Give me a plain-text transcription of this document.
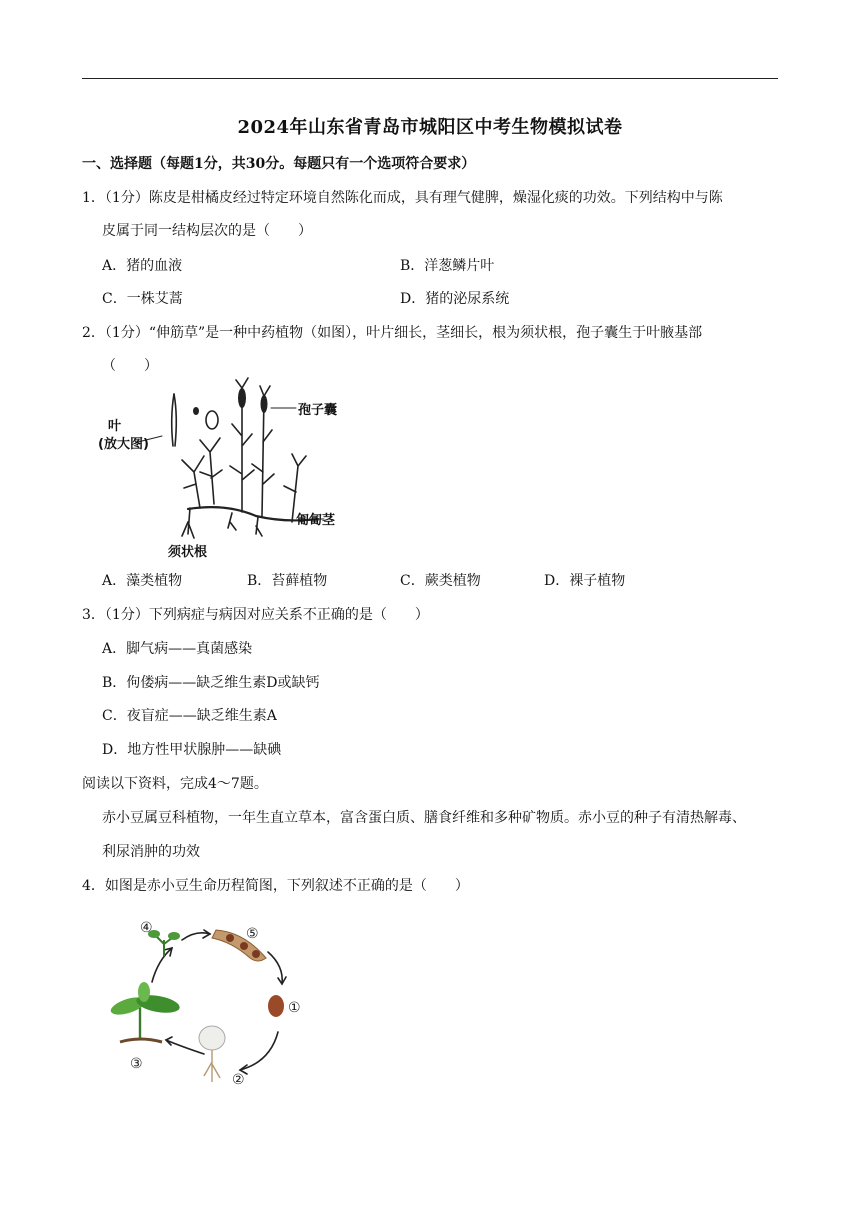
2024年山东省青岛市城阳区中考生物模拟试卷
一、选择题（每题1分，共30分。每题只有一个选项符合要求）
1．（1分）陈皮是柑橘皮经过特定环境自然陈化而成，具有理气健脾，燥湿化痰的功效。下列结构中与陈
皮属于同一结构层次的是（　　）
A．猪的血液	B．洋葱鳞片叶
C．一株艾蒿	D．猪的泌尿系统
2．（1分）“伸筋草”是一种中药植物（如图），叶片细长，茎细长，根为须状根，孢子囊生于叶腋基部
（　　）
叶
(放大图)
孢子囊
匍匐茎
须状根
A．藻类植物	B．苔藓植物	C．蕨类植物	D．裸子植物
3．（1分）下列病症与病因对应关系不正确的是（　　）
A．脚气病——真菌感染
B．佝偻病——缺乏维生素D或缺钙
C．夜盲症——缺乏维生素A
D．地方性甲状腺肿——缺碘
阅读以下资料，完成4～7题。
赤小豆属豆科植物，一年生直立草本，富含蛋白质、膳食纤维和多种矿物质。赤小豆的种子有清热解毒、
利尿消肿的功效
4．如图是赤小豆生命历程简图，下列叙述不正确的是（　　）
①
②
③
④	⑤
